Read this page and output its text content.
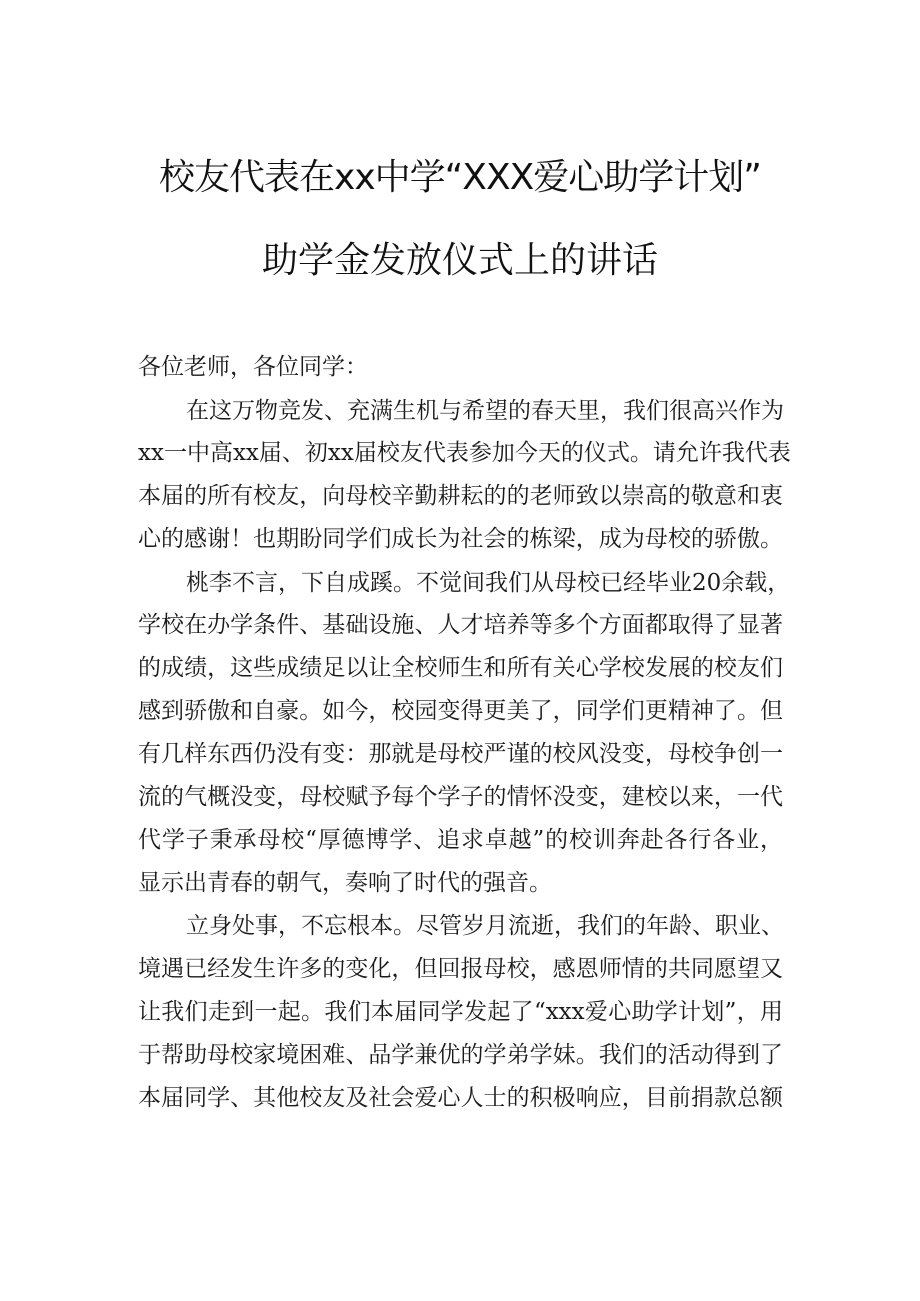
校友代表在xx中学“XXX爱心助学计划”
助学金发放仪式上的讲话
各位老师，各位同学：
在这万物竞发、充满生机与希望的春天里，我们很高兴作为
xx一中高xx届、初xx届校友代表参加今天的仪式。请允许我代表
本届的所有校友，向母校辛勤耕耘的的老师致以崇高的敬意和衷
心的感谢！也期盼同学们成长为社会的栋梁，成为母校的骄傲。
桃李不言，下自成蹊。不觉间我们从母校已经毕业20余载，
学校在办学条件、基础设施、人才培养等多个方面都取得了显著
的成绩，这些成绩足以让全校师生和所有关心学校发展的校友们
感到骄傲和自豪。如今，校园变得更美了，同学们更精神了。但
有几样东西仍没有变：那就是母校严谨的校风没变，母校争创一
流的气概没变，母校赋予每个学子的情怀没变，建校以来，一代
代学子秉承母校“厚德博学、追求卓越”的校训奔赴各行各业，
显示出青春的朝气，奏响了时代的强音。
立身处事，不忘根本。尽管岁月流逝，我们的年龄、职业、
境遇已经发生许多的变化，但回报母校，感恩师情的共同愿望又
让我们走到一起。我们本届同学发起了“xxx爱心助学计划”，用
于帮助母校家境困难、品学兼优的学弟学妹。我们的活动得到了
本届同学、其他校友及社会爱心人士的积极响应，目前捐款总额
